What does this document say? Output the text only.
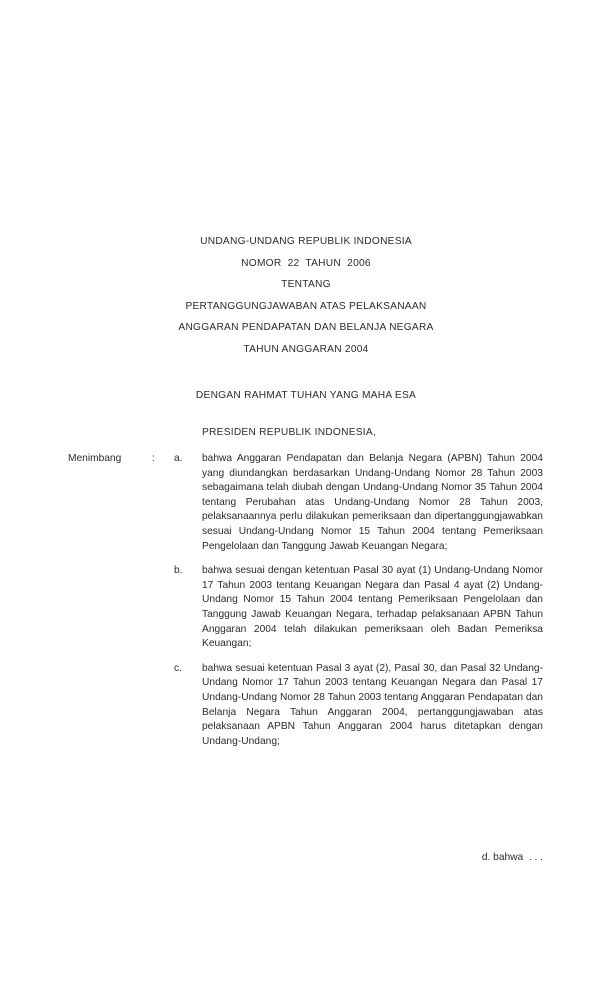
UNDANG-UNDANG REPUBLIK INDONESIA
NOMOR  22  TAHUN  2006
TENTANG
PERTANGGUNGJAWABAN ATAS PELAKSANAAN
ANGGARAN PENDAPATAN DAN BELANJA NEGARA
TAHUN ANGGARAN 2004
DENGAN RAHMAT TUHAN YANG MAHA ESA
PRESIDEN REPUBLIK INDONESIA,
Menimbang	: a. bahwa Anggaran Pendapatan dan Belanja Negara (APBN) Tahun 2004 yang diundangkan berdasarkan Undang-Undang Nomor 28 Tahun 2003 sebagaimana telah diubah dengan Undang-Undang Nomor 35 Tahun 2004 tentang Perubahan atas Undang-Undang Nomor 28 Tahun 2003, pelaksanaannya perlu dilakukan pemeriksaan dan dipertanggungjawabkan sesuai Undang-Undang Nomor 15 Tahun 2004 tentang Pemeriksaan Pengelolaan dan Tanggung Jawab Keuangan Negara;
b. bahwa sesuai dengan ketentuan Pasal 30 ayat (1) Undang-Undang Nomor 17 Tahun 2003 tentang Keuangan Negara dan Pasal 4 ayat (2) Undang-Undang Nomor 15 Tahun 2004 tentang Pemeriksaan Pengelolaan dan Tanggung Jawab Keuangan Negara, terhadap pelaksanaan APBN Tahun Anggaran 2004 telah dilakukan pemeriksaan oleh Badan Pemeriksa Keuangan;
c. bahwa sesuai ketentuan Pasal 3 ayat (2), Pasal 30, dan Pasal 32 Undang-Undang Nomor 17 Tahun 2003 tentang Keuangan Negara dan Pasal 17 Undang-Undang Nomor 28 Tahun 2003 tentang Anggaran Pendapatan dan Belanja Negara Tahun Anggaran 2004, pertanggungjawaban atas pelaksanaan APBN Tahun Anggaran 2004 harus ditetapkan dengan Undang-Undang;
d. bahwa  . . .
